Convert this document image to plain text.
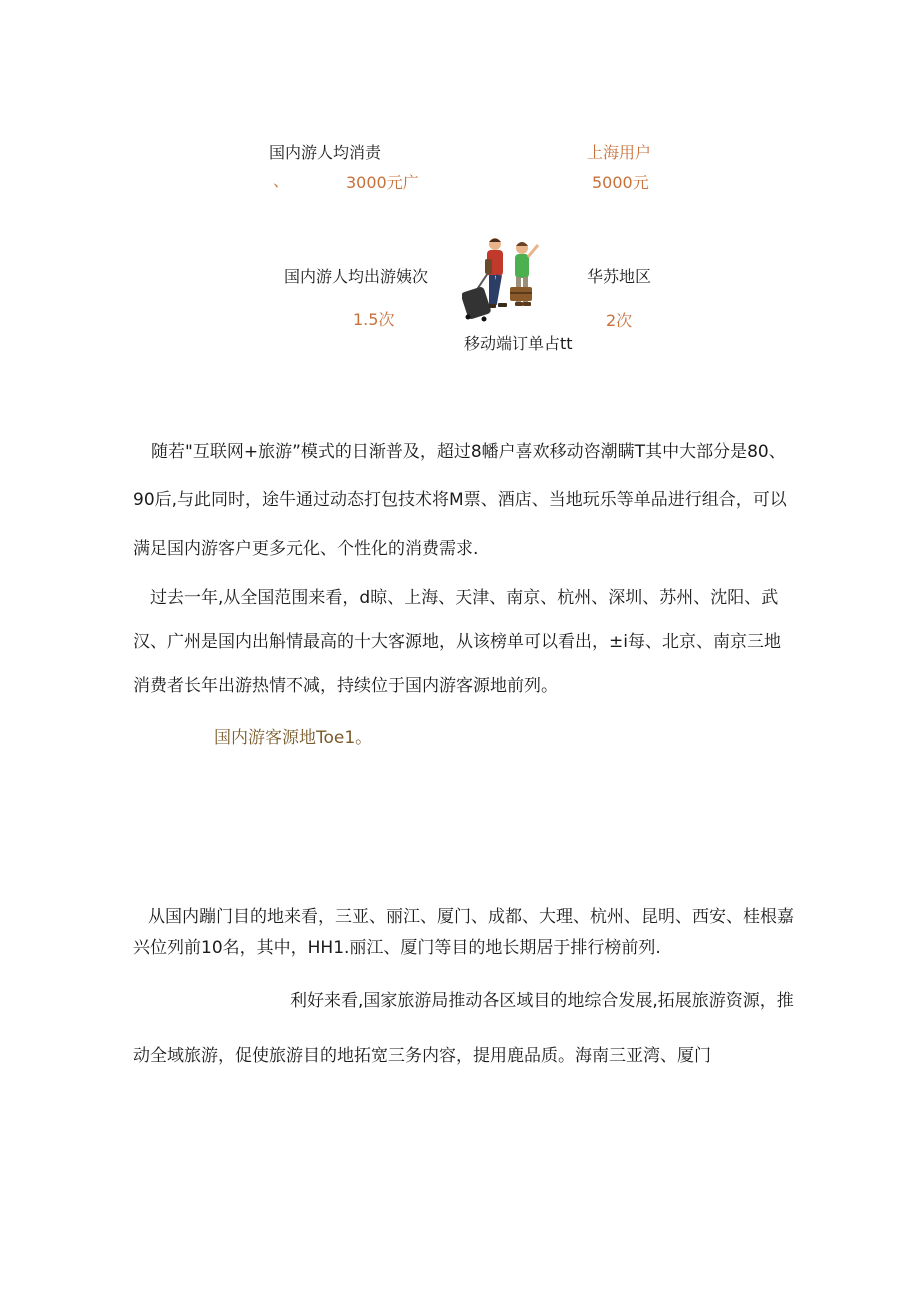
国内游人均消责
、	3000元广
上海用户
5000元
国内游人均出游姨次
1.5次
华苏地区
2次
移动端订单占tt
随若"互联网+旅游”模式的日渐普及，超过8幡户喜欢移动咨潮瞒T其中大部分是80、
90后,与此同时，途牛通过动态打包技术将M票、酒店、当地玩乐等单品进行组合，可以
满足国内游客户更多元化、个性化的消费需求.
过去一年,从全国范围来看，d晾、上海、天津、南京、杭州、深圳、苏州、沈阳、武
汉、广州是国内出斛情最高的十大客源地，从该榜单可以看出，±i每、北京、南京三地
消费者长年出游热情不减，持续位于国内游客源地前列。
国内游客源地Toe1。
从国内蹦门目的地来看，三亚、丽江、厦门、成都、大理、杭州、昆明、西安、桂根嘉
兴位列前10名，其中，HH1.丽江、厦门等目的地长期居于排行榜前列.
利好来看,国家旅游局推动各区域目的地综合发展,拓展旅游资源，推
动全域旅游，促使旅游目的地拓宽三务内容，提用鹿品质。海南三亚湾、厦门
